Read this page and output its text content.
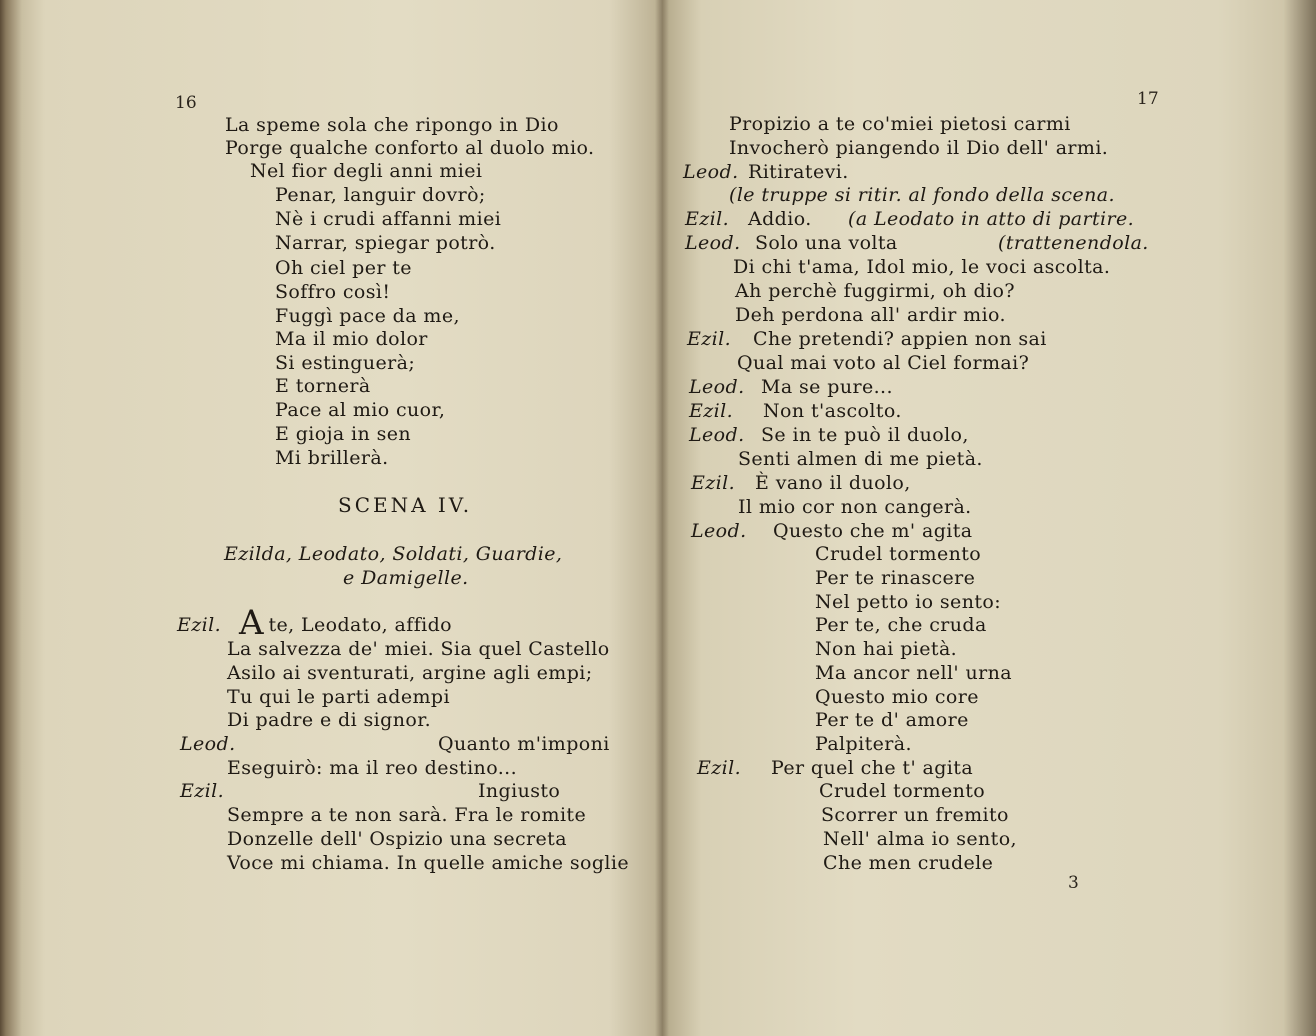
16
La speme sola che ripongo in Dio
Porge qualche conforto al duolo mio.
Nel fior degli anni miei
Penar, languir dovrò;
Nè i crudi affanni miei
Narrar, spiegar potrò.
Oh ciel per te
Soffro così!
Fuggì pace da me,
Ma il mio dolor
Si estinguerà;
E tornerà
Pace al mio cuor,
E gioja in sen
Mi brillerà.
SCENA IV.
Ezilda, Leodato, Soldati, Guardie,
e Damigelle.
Ezil. A
te, Leodato, affido
La salvezza de' miei. Sia quel Castello
Asilo ai sventurati, argine agli empi;
Tu qui le parti adempi
Di padre e di signor.
Leod.	Quanto m'imponi
Eseguirò: ma il reo destino...
Ezil.	Ingiusto
Sempre a te non sarà. Fra le romite
Donzelle dell' Ospizio una secreta
Voce mi chiama. In quelle amiche soglie
17
Propizio a te co'miei pietosi carmi
Invocherò piangendo il Dio dell' armi.
Leod. Ritiratevi.
(le truppe si ritir. al fondo della scena.
Ezil. Addio. (a Leodato in atto di partire.
Leod. Solo una volta	(trattenendola.
Di chi t'ama, Idol mio, le voci ascolta.
Ah perchè fuggirmi, oh dio?
Deh perdona all' ardir mio.
Ezil. Che pretendi? appien non sai
Qual mai voto al Ciel formai?
Leod. Ma se pure...
Ezil. Non t'ascolto.
Leod. Se in te può il duolo,
Senti almen di me pietà.
Ezil. È vano il duolo,
Il mio cor non cangerà.
Leod. Questo che m' agita
Crudel tormento
Per te rinascere
Nel petto io sento:
Per te, che cruda
Non hai pietà.
Ma ancor nell' urna
Questo mio core
Per te d' amore
Palpiterà.
Ezil. Per quel che t' agita
Crudel tormento
Scorrer un fremito
Nell' alma io sento,
Che men crudele
3
